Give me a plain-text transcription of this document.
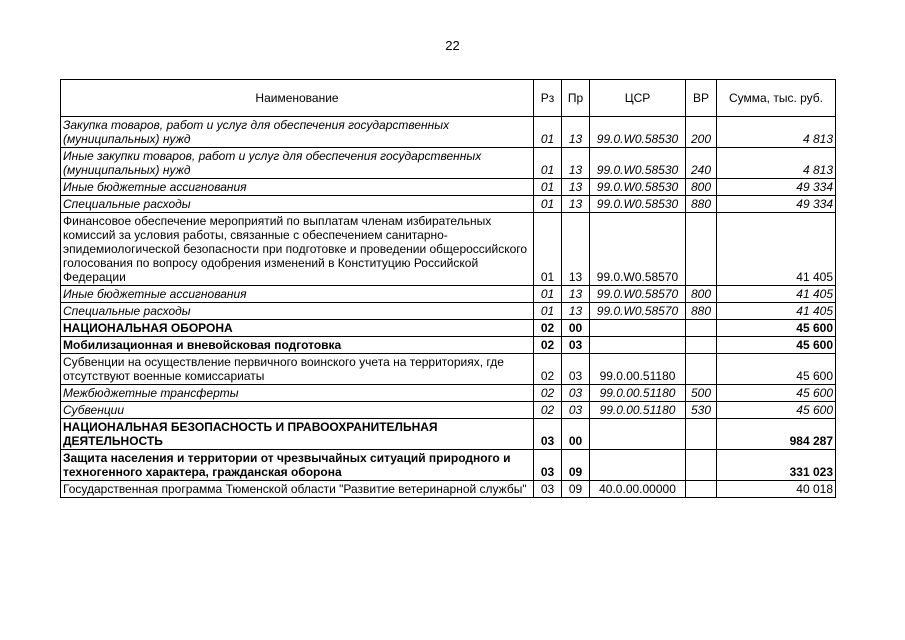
22
Наименование	Рз	Пр	ЦСР	ВР	Сумма, тыс. руб.
Закупка товаров, работ и услуг для обеспечения государственных (муниципальных) нужд	01	13	99.0.W0.58530	200	4 813
Иные закупки товаров, работ и услуг для обеспечения государственных (муниципальных) нужд	01	13	99.0.W0.58530	240	4 813
Иные бюджетные ассигнования	01	13	99.0.W0.58530	800	49 334
Специальные расходы	01	13	99.0.W0.58530	880	49 334
Финансовое обеспечение мероприятий по выплатам членам избирательных комиссий за условия работы, связанные с обеспечением санитарно-эпидемиологической безопасности при подготовке и проведении общероссийского голосования по вопросу одобрения изменений в Конституцию Российской Федерации	01	13	99.0.W0.58570		41 405
Иные бюджетные ассигнования	01	13	99.0.W0.58570	800	41 405
Специальные расходы	01	13	99.0.W0.58570	880	41 405
НАЦИОНАЛЬНАЯ ОБОРОНА	02	00			45 600
Мобилизационная и вневойсковая подготовка	02	03			45 600
Субвенции на осуществление первичного воинского учета на территориях, где отсутствуют военные комиссариаты	02	03	99.0.00.51180		45 600
Межбюджетные трансферты	02	03	99.0.00.51180	500	45 600
Субвенции	02	03	99.0.00.51180	530	45 600
НАЦИОНАЛЬНАЯ БЕЗОПАСНОСТЬ И ПРАВООХРАНИТЕЛЬНАЯ ДЕЯТЕЛЬНОСТЬ	03	00			984 287
Защита населения и территории от чрезвычайных ситуаций природного и техногенного характера, гражданская оборона	03	09			331 023
Государственная программа Тюменской области "Развитие ветеринарной службы"	03	09	40.0.00.00000		40 018
